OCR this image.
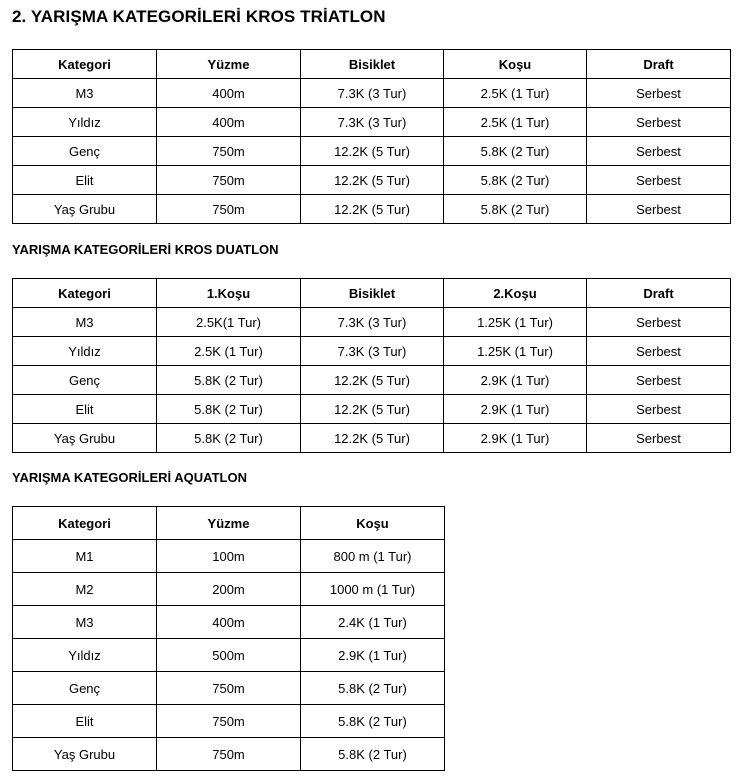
2. YARIŞMA KATEGORİLERİ KROS TRİATLON
Kategori	Yüzme	Bisiklet	Koşu	Draft
M3	400m	7.3K (3 Tur)	2.5K (1 Tur)	Serbest
Yıldız	400m	7.3K (3 Tur)	2.5K (1 Tur)	Serbest
Genç	750m	12.2K (5 Tur)	5.8K (2 Tur)	Serbest
Elit	750m	12.2K (5 Tur)	5.8K (2 Tur)	Serbest
Yaş Grubu	750m	12.2K (5 Tur)	5.8K (2 Tur)	Serbest
YARIŞMA KATEGORİLERİ KROS DUATLON
Kategori	1.Koşu	Bisiklet	2.Koşu	Draft
M3	2.5K(1 Tur)	7.3K (3 Tur)	1.25K (1 Tur)	Serbest
Yıldız	2.5K (1 Tur)	7.3K (3 Tur)	1.25K (1 Tur)	Serbest
Genç	5.8K (2 Tur)	12.2K (5 Tur)	2.9K (1 Tur)	Serbest
Elit	5.8K (2 Tur)	12.2K (5 Tur)	2.9K (1 Tur)	Serbest
Yaş Grubu	5.8K (2 Tur)	12.2K (5 Tur)	2.9K (1 Tur)	Serbest
YARIŞMA KATEGORİLERİ AQUATLON
Kategori	Yüzme	Koşu
M1	100m	800 m (1 Tur)
M2	200m	1000 m (1 Tur)
M3	400m	2.4K (1 Tur)
Yıldız	500m	2.9K (1 Tur)
Genç	750m	5.8K (2 Tur)
Elit	750m	5.8K (2 Tur)
Yaş Grubu	750m	5.8K (2 Tur)
